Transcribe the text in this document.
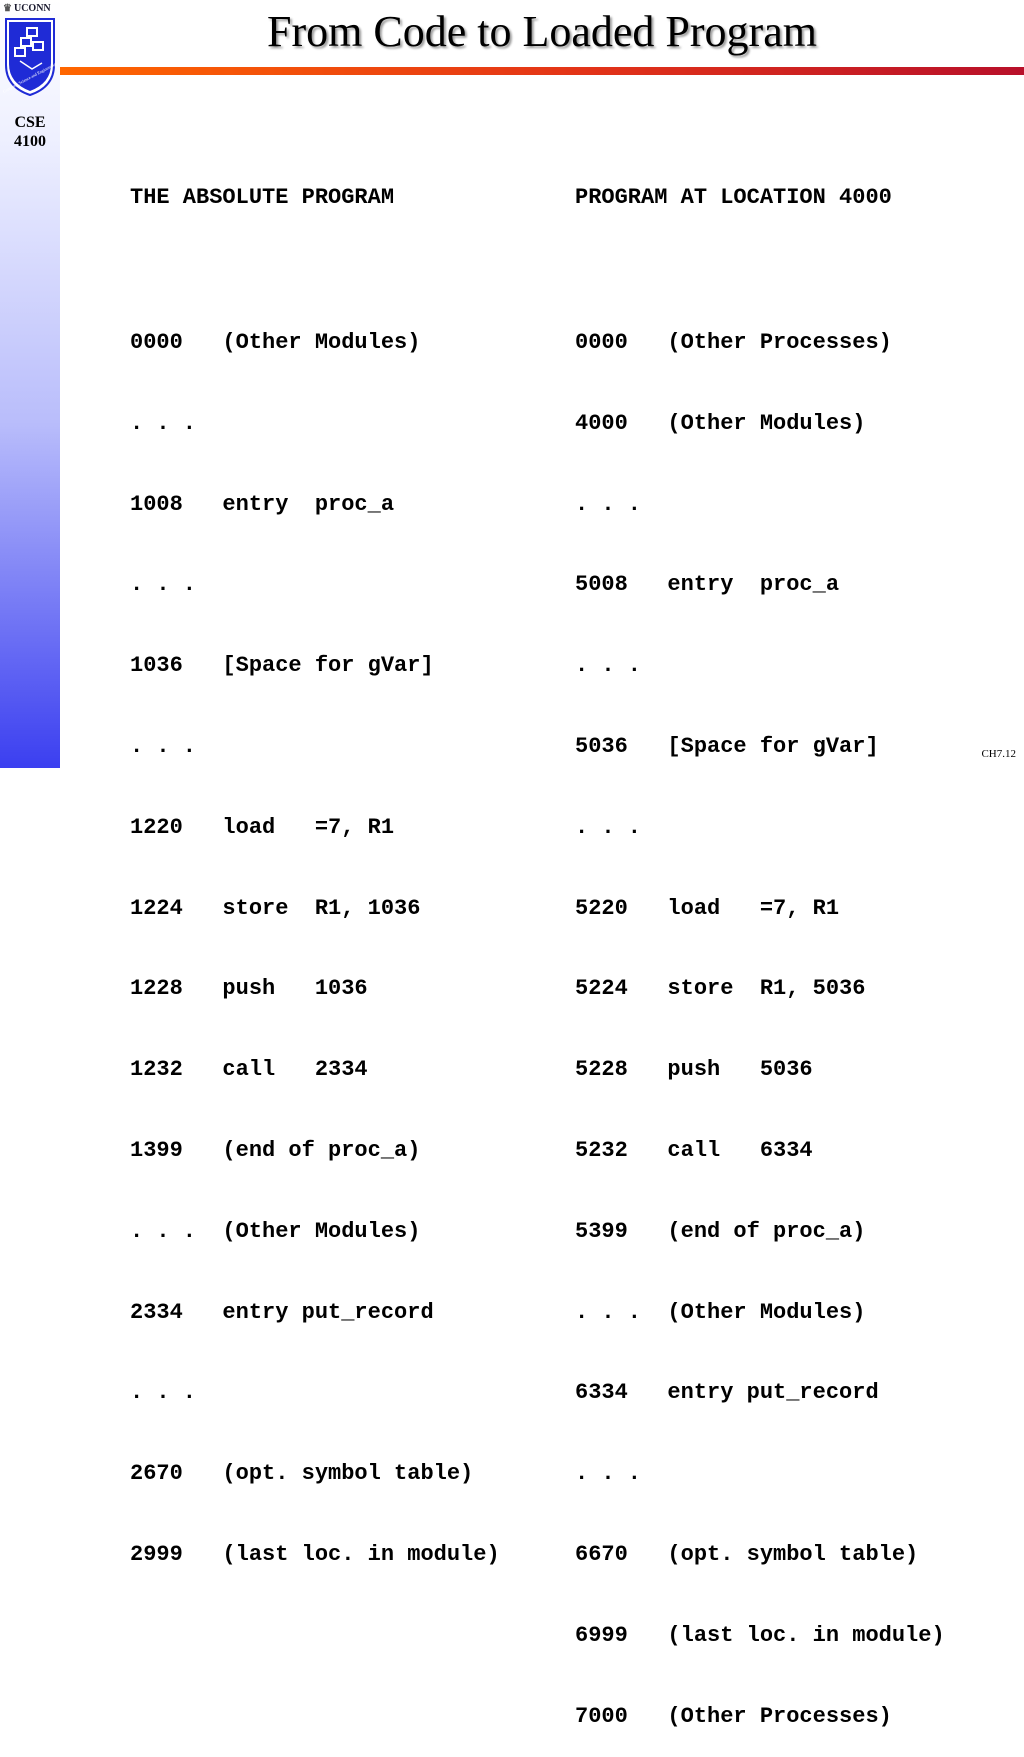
♛ UCONN
Computer Science and Engineering
CSE
4100
From Code to Loaded Program

THE ABSOLUTE PROGRAM

0000   (Other Modules)

. . .

1008   entry  proc_a

. . .

1036   [Space for gVar]

. . .

1220   load   =7, R1

1224   store  R1, 1036

1228   push   1036

1232   call   2334

1399   (end of proc_a)

. . .  (Other Modules)

2334   entry put_record

. . .

2670   (opt. symbol table)

2999   (last loc. in module)

PROGRAM AT LOCATION 4000

0000   (Other Processes)

4000   (Other Modules)

. . .

5008   entry  proc_a

. . .

5036   [Space for gVar]

. . .

5220   load   =7, R1

5224   store  R1, 5036

5228   push   5036

5232   call   6334

5399   (end of proc_a)

. . .  (Other Modules)

6334   entry put_record

. . .

6670   (opt. symbol table)

6999   (last loc. in module)

7000   (Other Processes)

CH7.12
